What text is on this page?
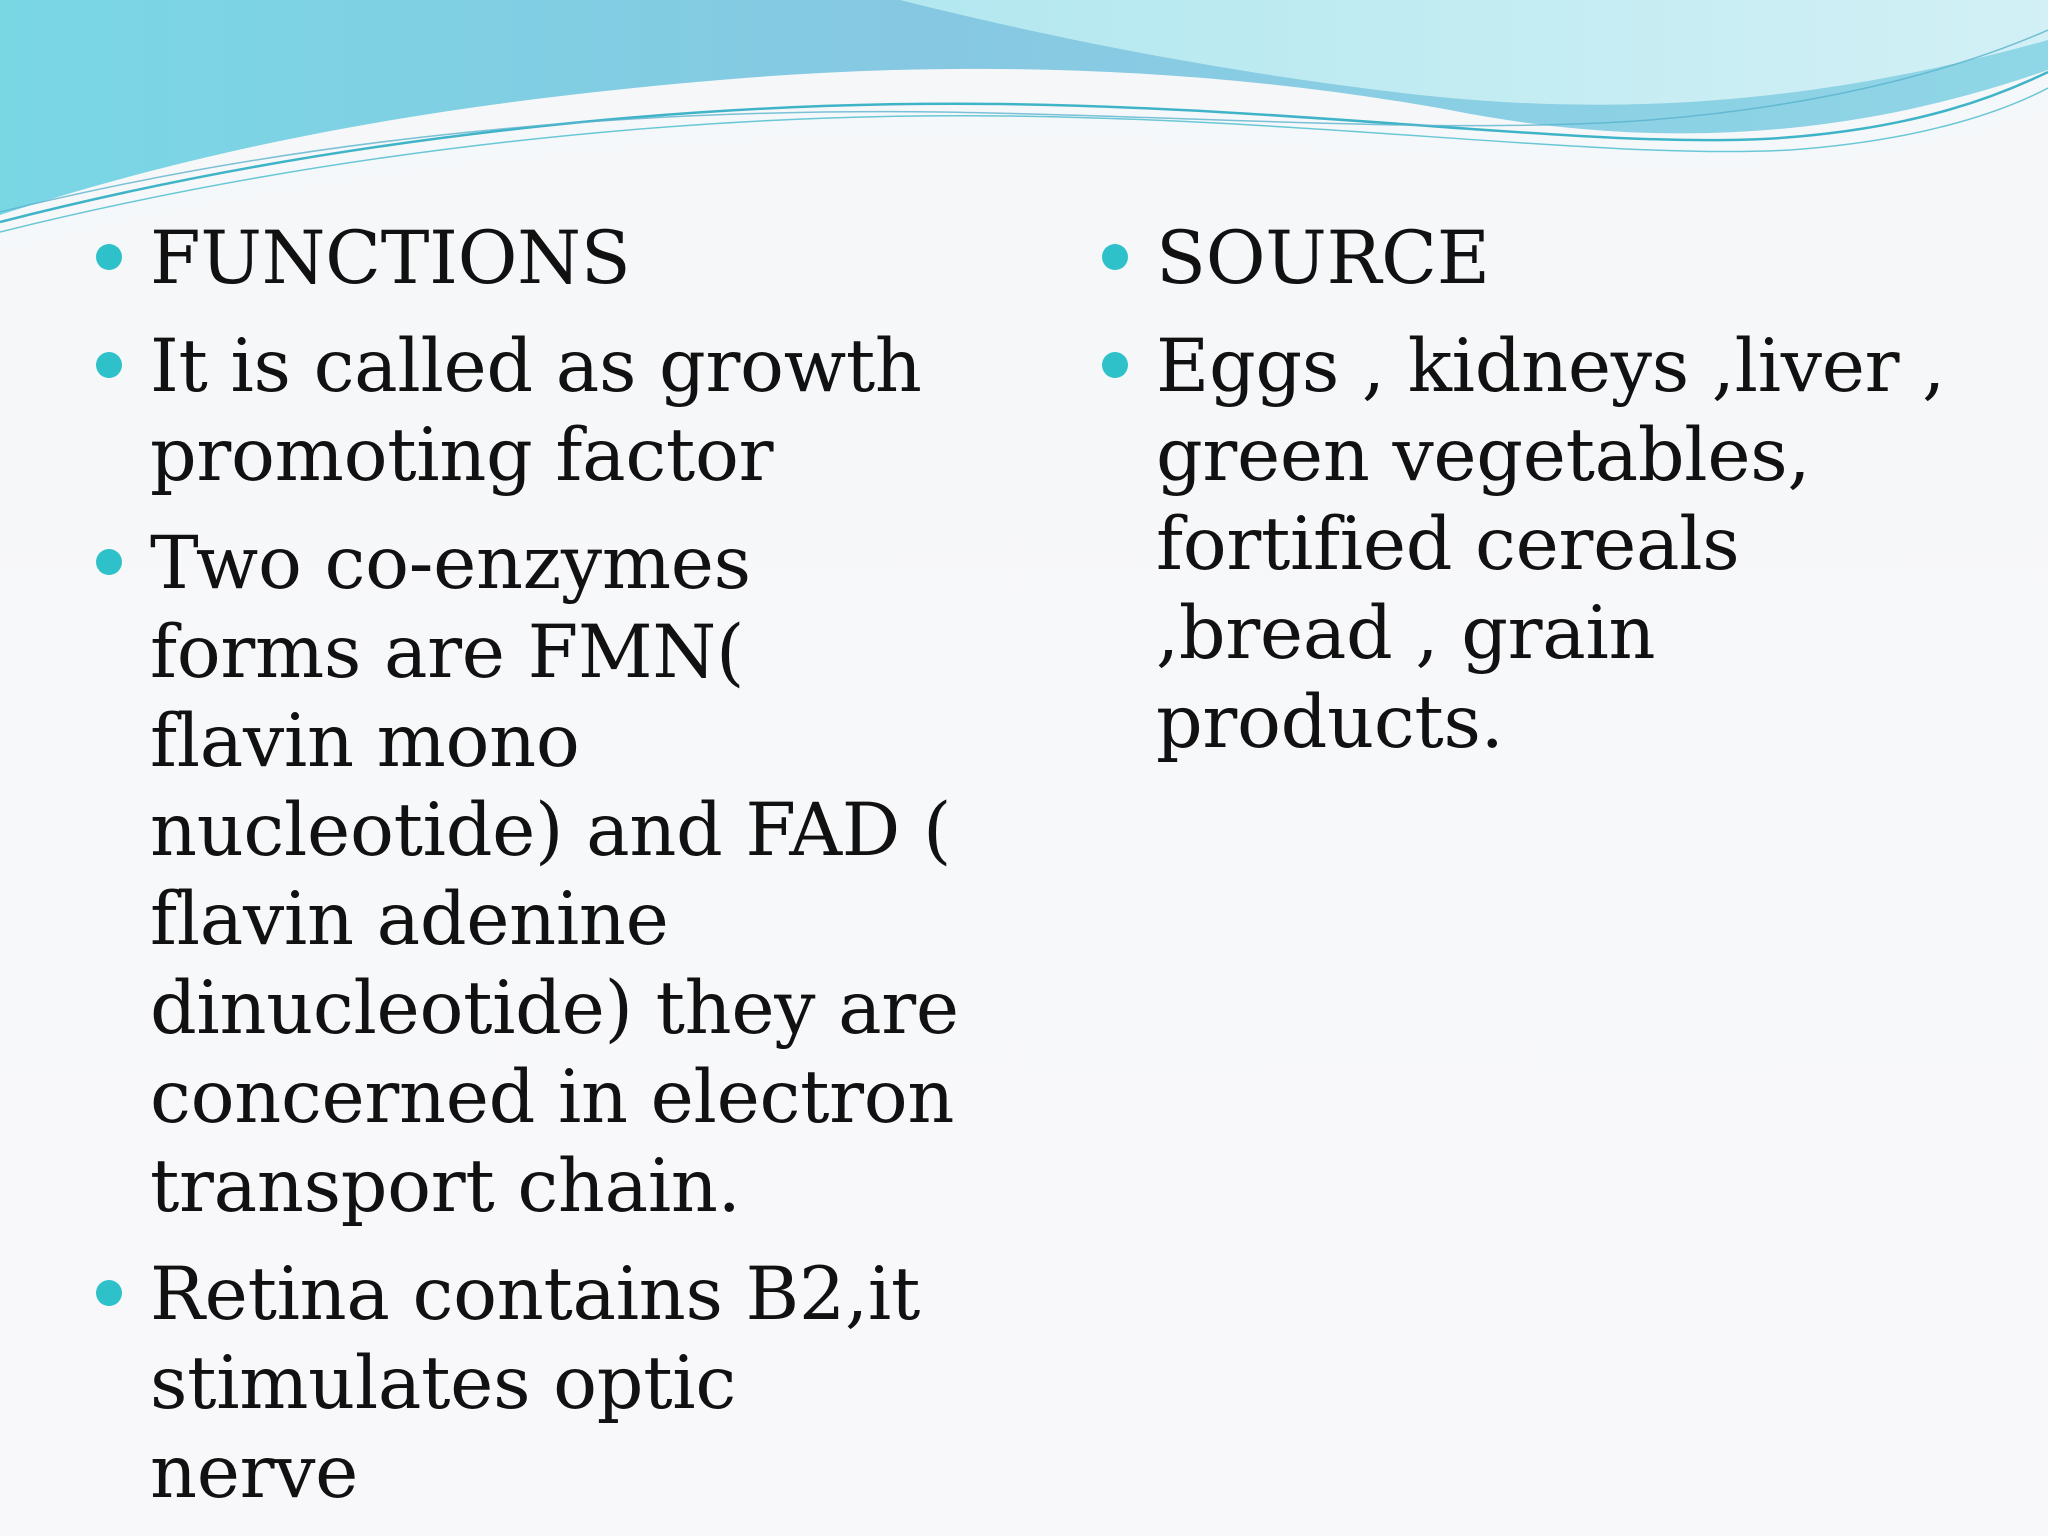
FUNCTIONS
It is called as growth promoting factor
Two co-enzymes forms are FMN( flavin mono nucleotide) and FAD ( flavin adenine dinucleotide) they are concerned in electron transport chain.
Retina contains B2,it stimulates optic nerve
SOURCE
Eggs , kidneys ,liver , green vegetables, fortified cereals ,bread , grain products.
